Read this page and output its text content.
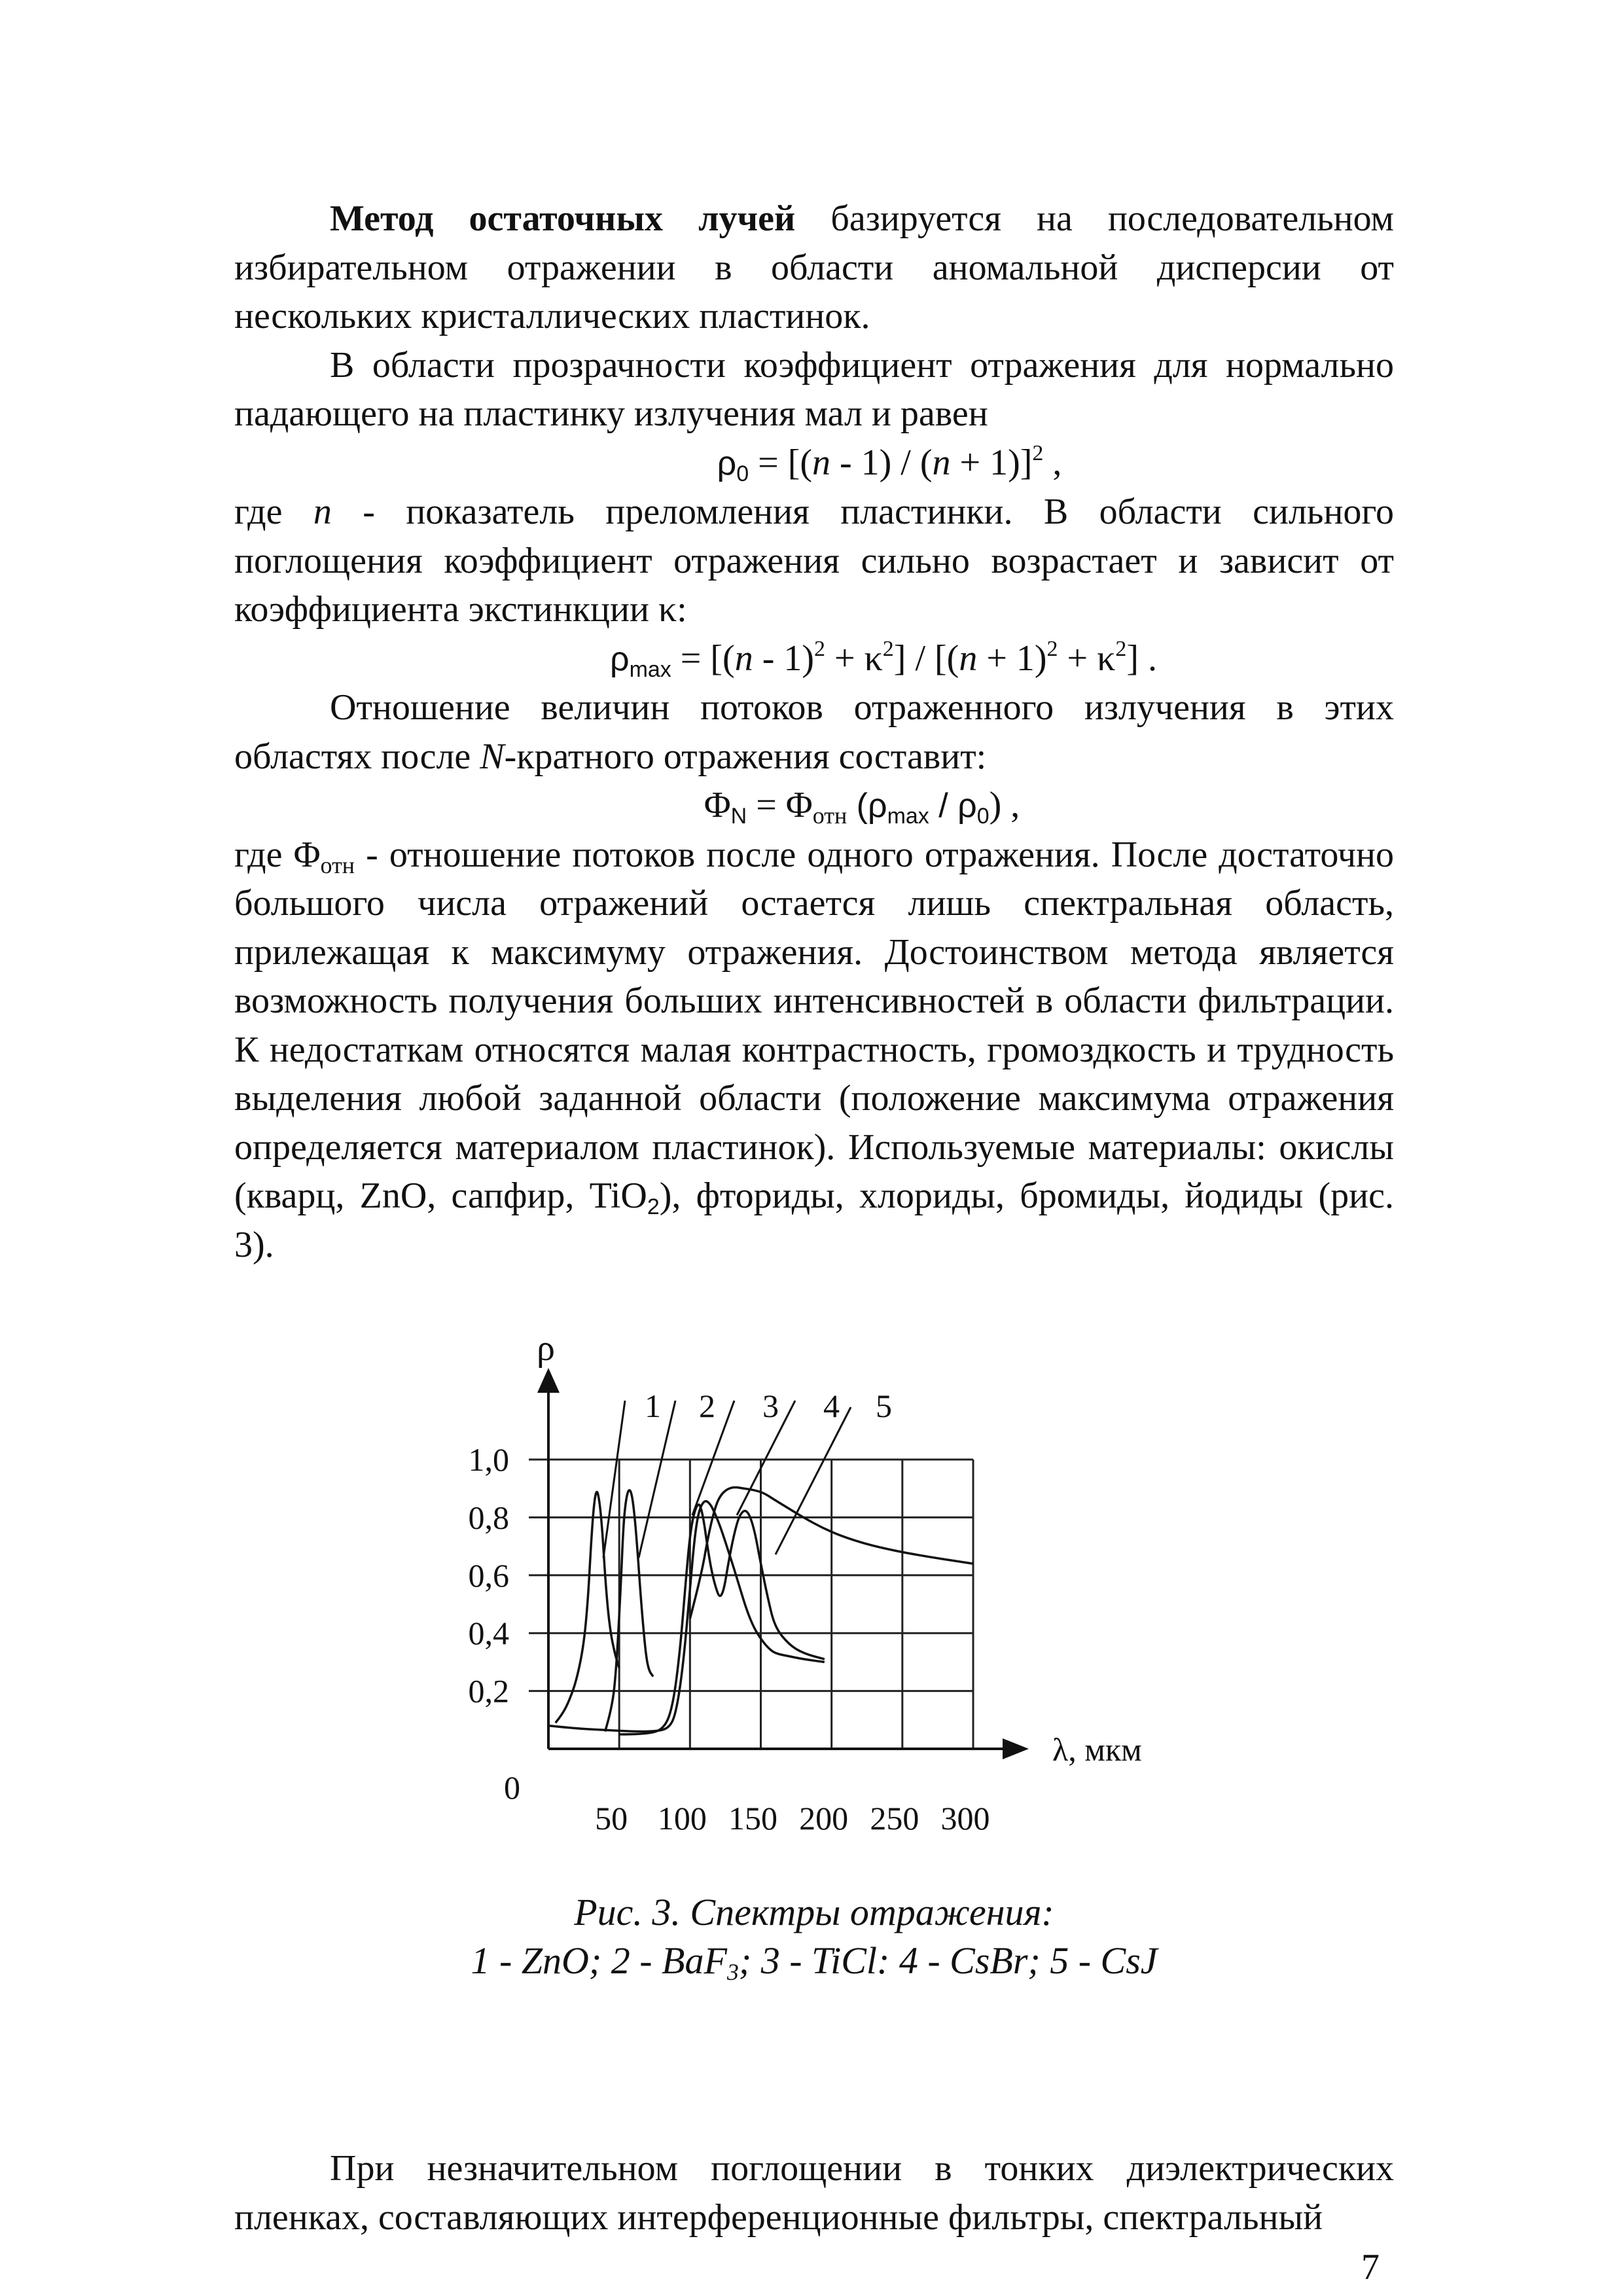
Метод остаточных лучей базируется на последовательном избирательном отражении в области аномальной дисперсии от нескольких кристаллических пластинок.

В области прозрачности коэффициент отражения для нормально падающего на пластинку излучения мал и равен

$\rho_0 = [(n - 1) / (n + 1)]^2$ ,

где n - показатель преломления пластинки. В области сильного поглощения коэффициент отражения сильно возрастает и зависит от коэффициента экстинкции κ:

$\rho_{max} = [(n - 1)^2 + \kappa^2] / [(n + 1)^2 + \kappa^2]$ .

Отношение величин потоков отраженного излучения в этих областях после N-кратного отражения составит:

$\Phi_N = \Phi_{отн}$ $(\rho_{max} / \rho_0)$ ,

где $\Phi_{отн}$ - отношение потоков после одного отражения. После достаточно большого числа отражений остается лишь спектральная область, прилежащая к максимуму отражения. Достоинством метода является возможность получения больших интенсивностей в области фильтрации. К недостаткам относятся малая контрастность, громоздкость и трудность выделения любой заданной области (положение максимума отражения определяется материалом пластинок). Используемые материалы: окислы (кварц, ZnO, сапфир, TiO$_2$), фториды, хлориды, бромиды, йодиды (рис. 3).

ρ
λ, мкм
0
0,2
0,4
0,6
0,8
1,0
50 100 150 200 250 300
1 2 3 4 5

Рис. 3. Спектры отражения:

1 - ZnO; 2 - BaF$_3$; 3 - TiCl: 4 - CsBr; 5 - CsJ

При незначительном поглощении в тонких диэлектрических пленках, составляющих интерференционные фильтры, спектральный

7
